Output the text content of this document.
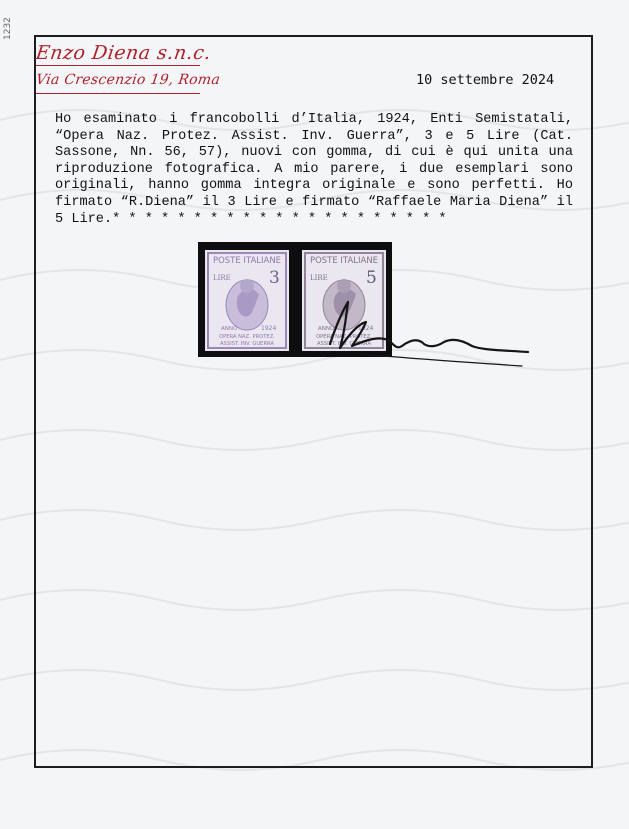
1232
Enzo Diena s.n.c.
Via Crescenzio 19, Roma	10 settembre 2024
Ho esaminato i francobolli d’Italia, 1924, Enti Semistatali, “Opera Naz. Protez. Assist. Inv. Guerra”, 3 e 5 Lire (Cat. Sassone, Nn. 56, 57), nuovi con gomma, di cui è qui unita una riproduzione fotografica. A mio parere, i due esemplari sono originali, hanno gomma integra originale e sono perfetti. Ho firmato “R.Diena” il 3 Lire e firmato “Raffaele Maria Diena” il 5 Lire.* * * * * * * * * * * * * * * * * * * * *
POSTE ITALIANE
LIRE 3
ANNO	1924
OPERA NAZ. PROTEZ.
ASSIST. INV. GUERRA
POSTE ITALIANE
LIRE 5
ANNO	1924
OPERA NAZ. PROTEZ.
ASSIST. INV. GUERRA
